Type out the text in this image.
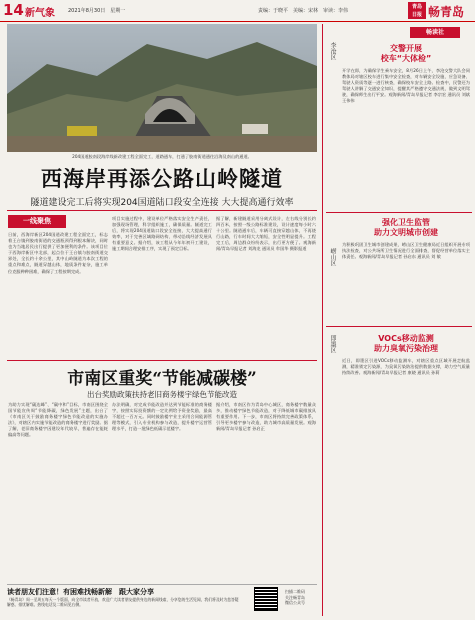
14 新气象	2021年8月30日　星期一	责编：于晓平　美编：宋林　审读：李伟
青岛
日报 畅青岛
204国道胶南段海岸线新改建工程全面完工，道路通车，打通了胶南街道通往沿海及南山的通道。
西海岸再添公路山岭隧道
隧道建设完工后将实现204国道陆口段安全连接 大大提高通行效率
一线聚焦
日前，西海岸新区204国道改建工程全面完工，标志着王台镇到胶南街道的交通瓶颈得到根本解决，同时也为当地居民出行提供了更加便利的条件。该项目位于西海岸新区中北部，起点位于王台镇与胶南街道交界处，全长约十余公里，其中山岭隧道为本次工程的重点和难点，隧道穿越山体，地质条件复杂，施工单位克服种种困难，确保了工程按期完成。
项目实施过程中，建设单位严格落实安全生产责任，加强现场管理，科学组织施工，确保质量。隧道完工后，将实现204国道陆口段安全连接，大大提高通行效率，对于完善区域路网结构、带动沿线经济发展具有重要意义。据介绍，该工程从今年年初开工建设，施工期间合理安排工序，实现了预定目标。
据了解，新建隧道采用分离式设计，左右线分别长约四百米，按照一级公路标准建设，设计速度每小时六十公里。隧道通车后，车辆可直接穿越山体，不再绕行山路，行车时间大大缩短，安全性明显提升。工程完工后，周边群众纷纷表示，出行更方便了。观海新闻/青岛早报记者 刘海龙 通讯员 牟国华 摄影报道
市南区重奖“节能减碳楼”
出台奖励政策扶持老旧商务楼宇绿色节能改造
为助力实现“碳达峰”、“碳中和”目标，市南区围绕全国节能宣传周“节能降碳，绿色发展”主题，出台了《市南区关于鼓励商务楼宇绿色节能改造的实施办法》，对辖区内实施节能改造的商务楼宇进行奖励。据了解，老旧商务楼宇因建设年代较早，普遍存在能耗偏高等问题。
办法明确，对完成节能改造并达到节能标准的商务楼宇，按照实际投资额的一定比例给予资金奖励，最高不超过一百万元。同时鼓励楼宇业主采用合同能源管理等模式，引入专业机构参与改造，提升楼宇运营管理水平，打造一批绿色低碳示范楼宇。
据介绍，市南区作为青岛中心城区，商务楼宇数量众多，推动楼宇绿色节能改造，对于降低城市碳排放具有重要作用。下一步，市南区将持续完善政策体系，引导更多楼宇参与改造，助力城市高质量发展。观海新闻/青岛早报记者 孙启正
畅读社
李沧区	交警开展
校车“大体检”
开学在即，为确保学生乘车安全，8月26日上午，李沧交警大队会同教体局对辖区校车进行集中安全检查，对车辆安全设施、应急设备、驾驶人资质等逐一进行核查，确保校车安全上路。检查中，民警还为驾驶人讲解了交通安全知识，提醒其严格遵守交通法规，做到文明驾驶，确保师生出行平安。观海新闻/青岛早报记者 李宗宏 通讯员 刘斌 王伟伟
崂山区
强化卫生监管
助力文明城市创建
为积极巩固卫生城市创建成果，崂山区卫生健康局近日组织开展专项执法检查，对公共场所卫生情况进行全面排查，督促经营单位落实主体责任。观海新闻/青岛早报记者 孙启东 通讯员 刘 敏
即墨区	VOCs移动监测
助力臭氧污染治理
近日，即墨区引进VOCs移动监测车，对辖区重点区域开展走航监测，精准锁定污染源，为臭氧污染防治提供数据支撑，助力空气质量持续改善。观海新闻/青岛早报记者 康晓 通讯员 孙莉
读者朋友们注意！有困难找畅新解　跟大家分享
《畅青岛》周一至周五每天一个版面，向全市读者开放，欢迎广大读者朋友提供身边的新闻线索，分享您的生活见闻，我们将及时为您答疑解惑、排忧解难。热线电话及二维码见右侧。
扫描二维码
关注畅青岛
微信公众号
